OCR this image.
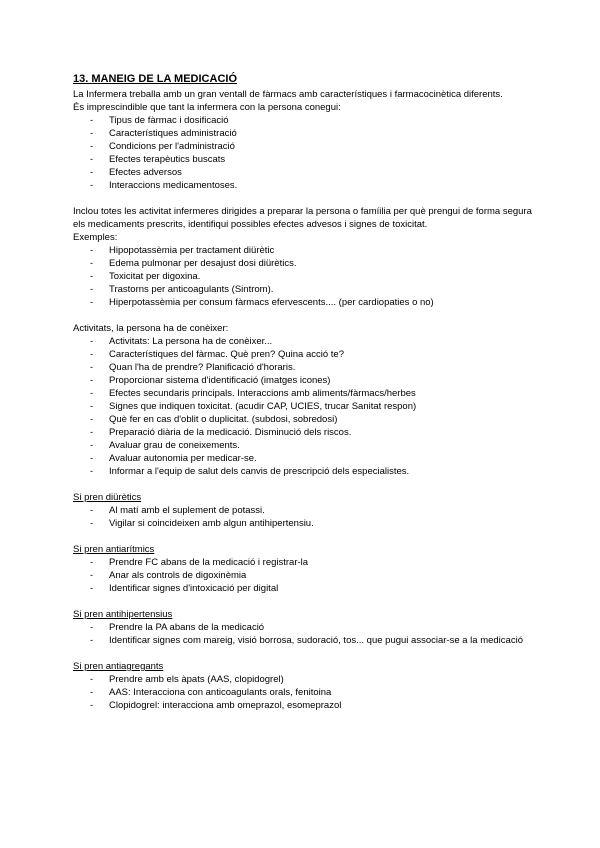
13. MANEIG DE LA MEDICACIÓ

La Infermera treballa amb un gran ventall de fàrmacs amb característiques i farmacocinètica diferents.

És imprescindible que tant la infermera con la persona conegui:

- Tipus de fàrmac i dosificació
- Característiques administració
- Condicions per l'administració
- Efectes terapèutics buscats
- Efectes adversos
- Interaccions medicamentoses.

Inclou totes les activitat infermeres dirigides a preparar la persona o famíilia per què prengui de forma segura els medicaments prescrits, identifiqui possibles efectes advesos i signes de toxicitat.

Exemples:

- Hipopotassèmia per tractament diürètic
- Edema pulmonar per desajust dosi diürètics.
- Toxicitat per digoxina.
- Trastorns per anticoagulants (Sintrom).
- Hiperpotassèmia per consum fàrmacs efervescents.... (per cardiopaties o no)

Activitats, la persona ha de conèixer:

- Activitats: La persona ha de conèixer...
- Característiques del fàrmac. Què pren? Quina acció te?
- Quan l'ha de prendre? Planificació d'horaris.
- Proporcionar sistema d'identificació (imatges icones)
- Efectes secundaris principals. Interaccions amb aliments/fàrmacs/herbes
- Signes que indiquen toxicitat. (acudir CAP, UCIES, trucar Sanitat respon)
- Què fer en cas d'oblit o duplicitat. (subdosi, sobredosi)
- Preparació diària de la medicació. Disminució dels riscos.
- Avaluar grau de coneixements.
- Avaluar autonomia per medicar-se.
- Informar a l'equip de salut dels canvis de prescripció dels especialistes.

Si pren diürètics

- Al matí amb el suplement de potassi.
- Vigilar si coincideixen amb algun antihipertensiu.

Si pren antiarítmics

- Prendre FC abans de la medicació i registrar-la
- Anar als controls de digoxinèmia
- Identificar signes d'intoxicació per digital

Si pren antihipertensius

- Prendre la PA abans de la medicació
- Identificar signes com mareig, visió borrosa, sudoració, tos... que pugui associar-se a la medicació

Si pren antiagregants

- Prendre amb els àpats (AAS, clopidogrel)
- AAS: Interacciona con anticoagulants orals, fenitoina
- Clopidogrel: interacciona amb omeprazol, esomeprazol
